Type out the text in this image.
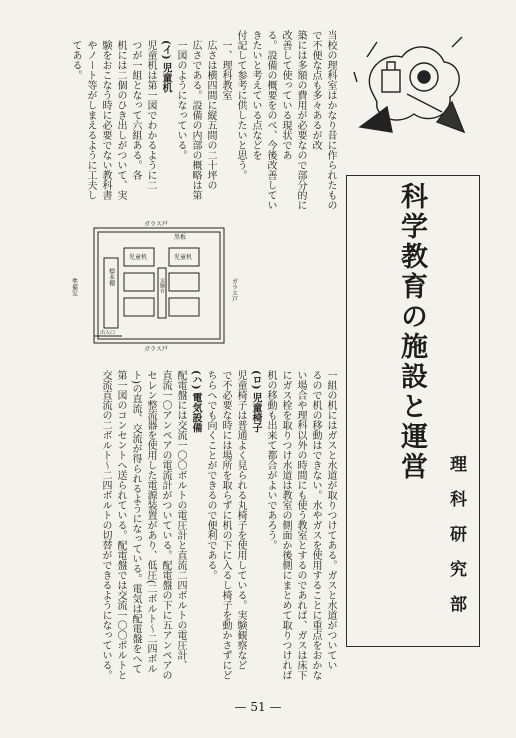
当校の理科室はかなり昔に作られたもので不便な点も多々あるが改

築には多額の費用が必要なので部分的に改善して使っている現状であ

る。設備の概要をのべ、今後改善していきたいと考えている点などを

付記して参考に供したいと思う。

一、理科教室

広さは横四間に縦五間の二十坪の

広さである。設備の内部の概略は第

一図のようになっている。

(イ) 児童机

児童机は第一図でわかるように二

つが一組となって六組ある。各

机には二個のひき出しがついて、実

験をおこなう時に必要でない教科書

やノート等がしまえるように工夫し

てある。

ガラス戸
黒板
準備室
標本棚	実験台
児童机	児童机
出入口
ガラス戸
ガラス戸

一組の机にはガスと水道が取りつけてある。ガスと水道がついてい

るので机の移動はできない。水やガスを使用することに重点をおかな

い場合や理科以外の時間にも使う教室とするのであれば、ガスは床下

にガス栓を取りつけ水道は教室の側面か後側にまとめて取りつければ

机の移動も出来て都合がよいであろう。

(ロ) 児童椅子

児童椅子は普通よく見られる丸椅子を使用している。実験観察など

で不必要な時には場所を取らずに机の下に入るし椅子を動かさずにど

ちらへでも向くことができるので便利である。

(ハ) 電気設備

配電盤には交流一〇〇ボルトの電圧計と直流二四ボルトの電圧計、

直流一〇アンペアの電流計がついている。配電盤の下に五アンペアの

セレン整流器を使用した電源装置があり、低圧(二ボルト〜二四ボル

ト)の直流、交流が得られるようになっている。電気は配電盤をへて

第一図のコンセントへ送られている。配電盤では交流一〇〇ボルトと

交流直流の二ボルト〜二四ボルトの切替ができるようになっている。

科学教育の施設と運営
理科研究部
— 51 —
